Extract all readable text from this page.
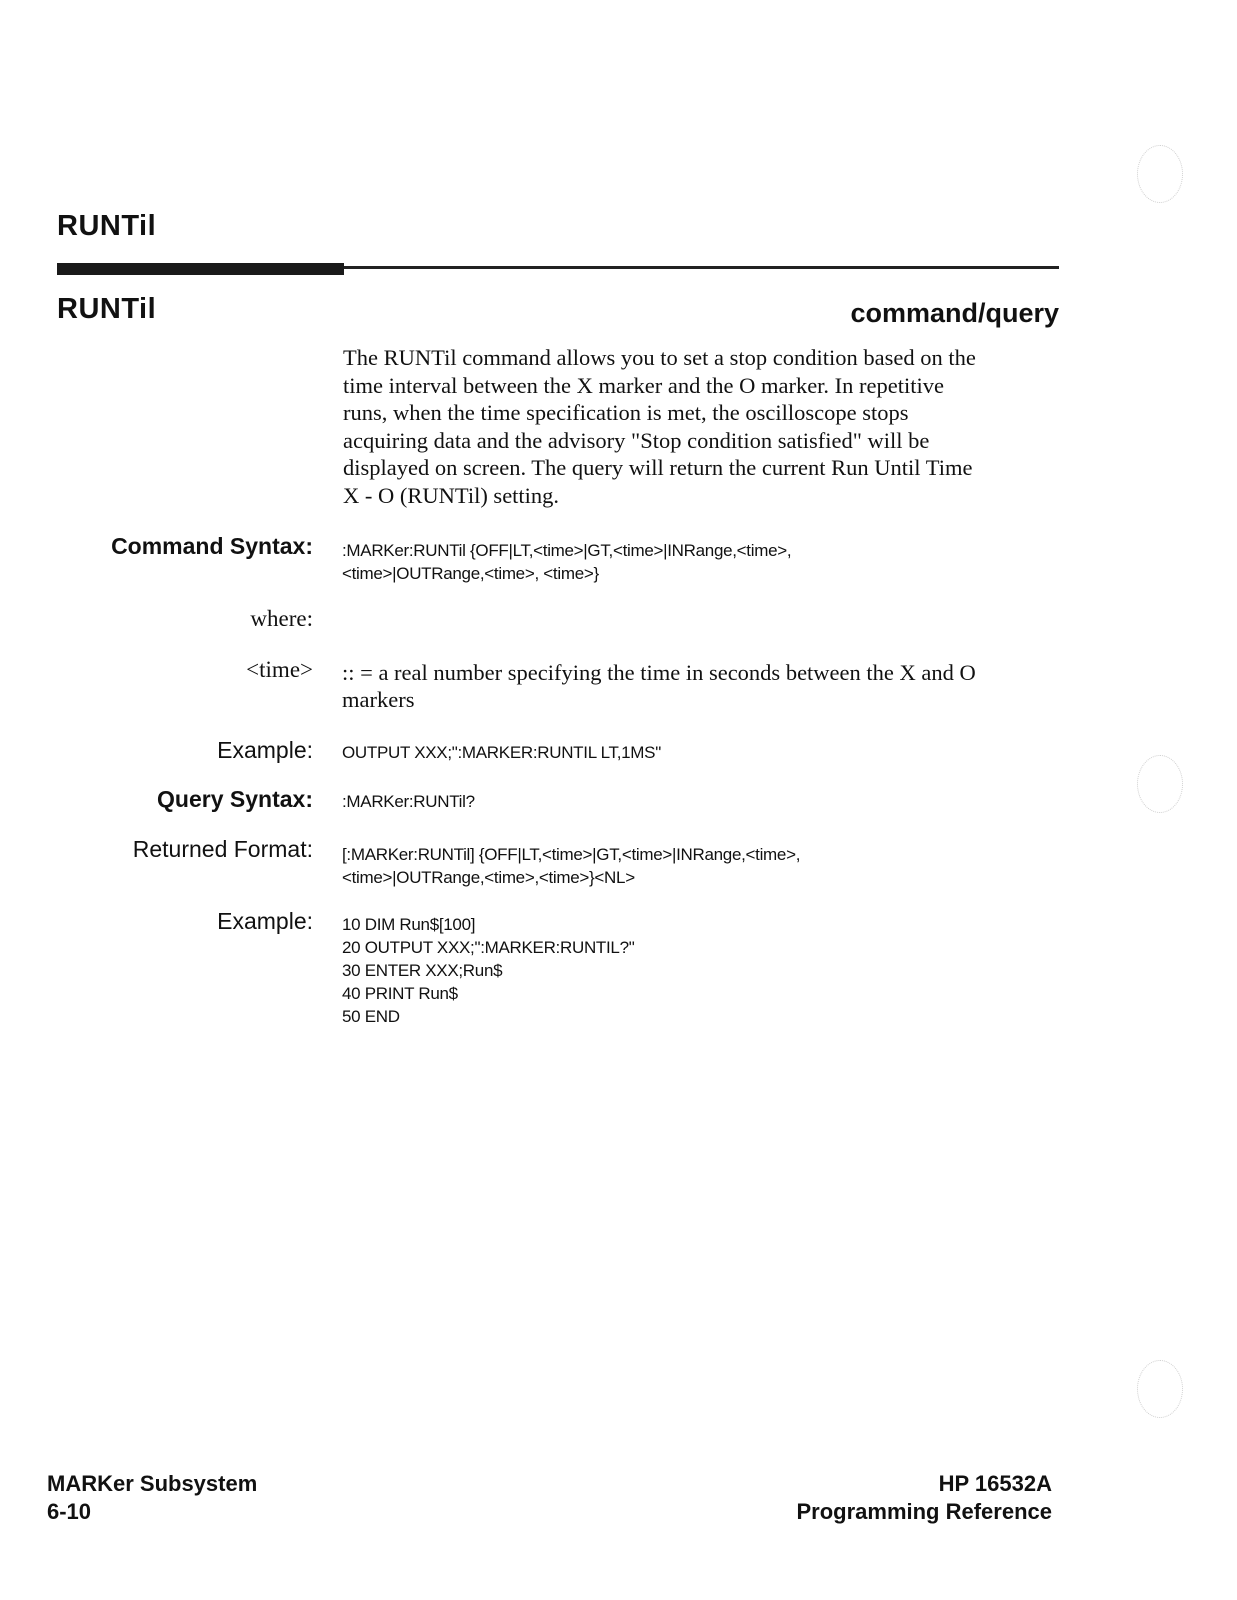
RUNTil
RUNTil	command/query
The RUNTil command allows you to set a stop condition based on the
time interval between the X marker and the O marker. In repetitive
runs, when the time specification is met, the oscilloscope stops
acquiring data and the advisory "Stop condition satisfied" will be
displayed on screen. The query will return the current Run Until Time
X - O (RUNTil) setting.
Command Syntax: :MARKer:RUNTil {OFF|LT,<time>|GT,<time>|INRange,<time>,
<time>|OUTRange,<time>, <time>}
where:
<time> :: = a real number specifying the time in seconds between the X and O
markers
Example: OUTPUT XXX;":MARKER:RUNTIL LT,1MS"
Query Syntax: :MARKer:RUNTil?
Returned Format: [:MARKer:RUNTil] {OFF|LT,<time>|GT,<time>|INRange,<time>,
<time>|OUTRange,<time>,<time>}<NL>
Example: 10 DIM Run$[100]
20 OUTPUT XXX;":MARKER:RUNTIL?"
30 ENTER XXX;Run$
40 PRINT Run$
50 END
MARKer Subsystem
6-10
HP 16532A
Programming Reference
